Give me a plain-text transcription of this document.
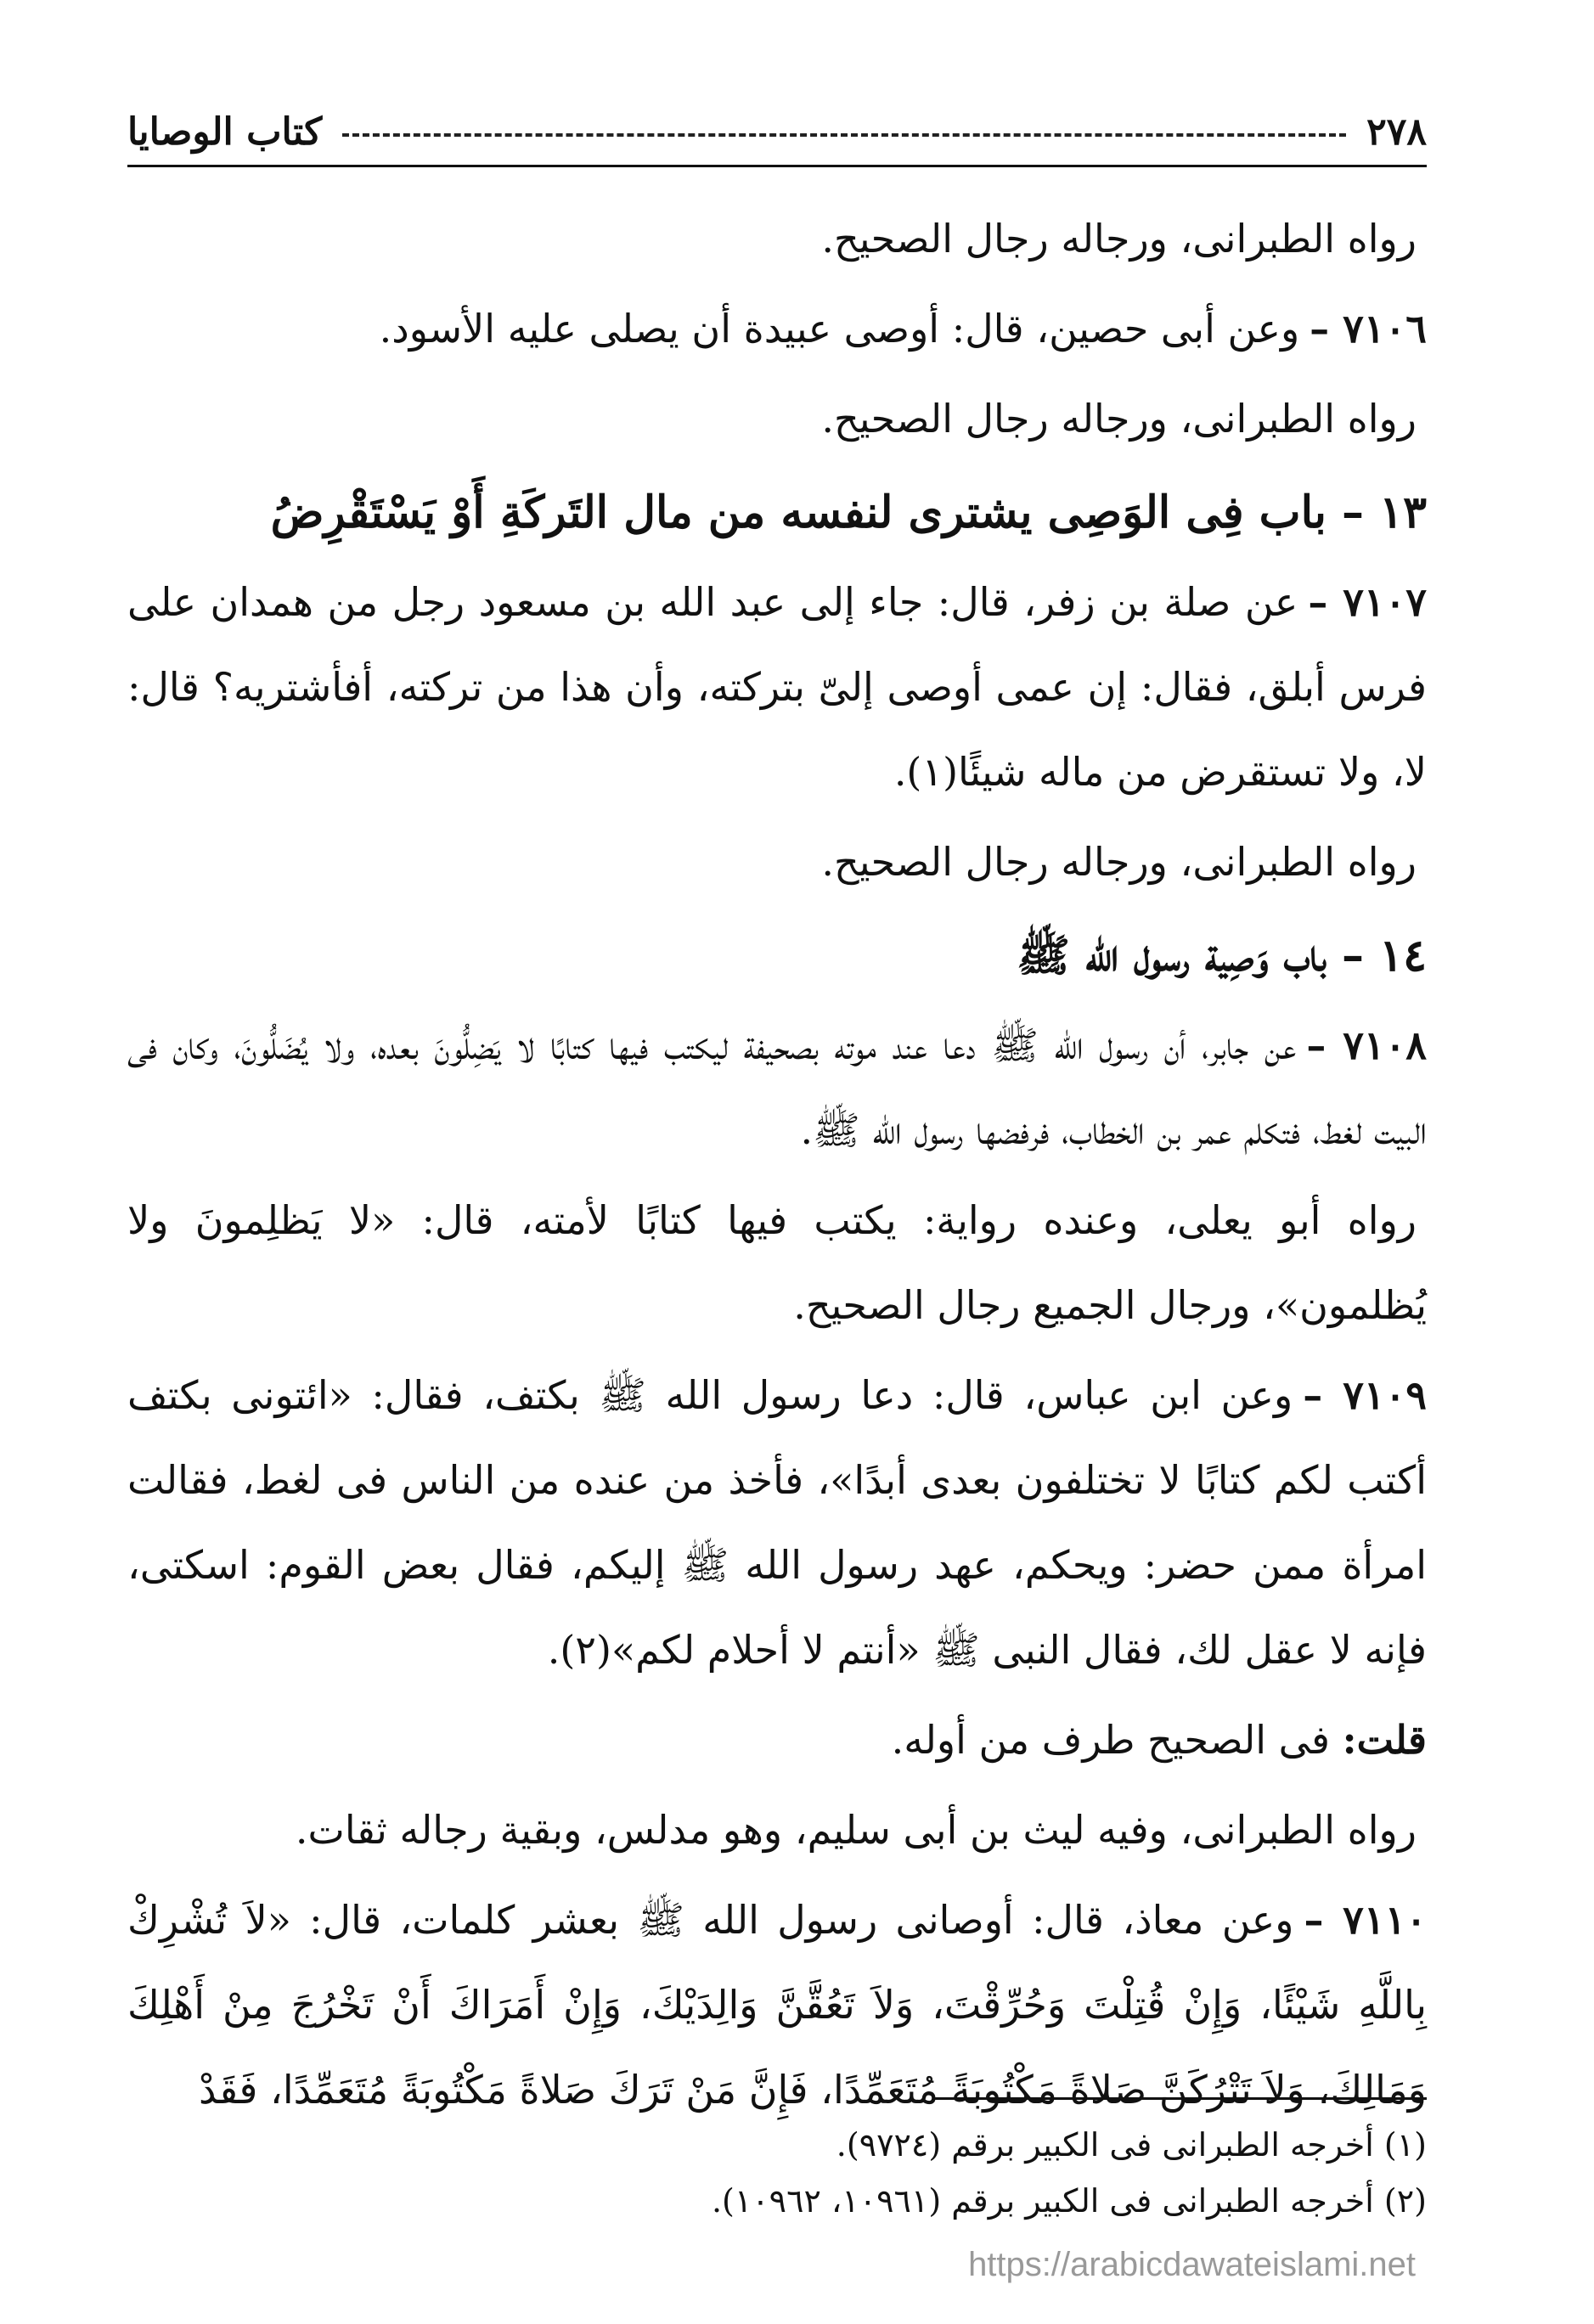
٢٧٨
كتاب الوصايا

رواه الطبرانى، ورجاله رجال الصحيح.

٧١٠٦ –وعن أبى حصين، قال: أوصى عبيدة أن يصلى عليه الأسود.

رواه الطبرانى، ورجاله رجال الصحيح.

١٣ – باب فِى الوَصِى يشترى لنفسه من مال التَركَةِ أَوْ يَسْتَقْرِضُ

٧١٠٧ –عن صلة بن زفر، قال: جاء إلى عبد الله بن مسعود رجل من همدان على فرس أبلق، فقال: إن عمى أوصى إلىّ بتركته، وأن هذا من تركته، أفأشتريه؟ قال: لا، ولا تستقرض من ماله شيئًا(١).

رواه الطبرانى، ورجاله رجال الصحيح.

١٤ – باب وَصِية رسول الله ﷺ

٧١٠٨ –عن جابر، أن رسول الله ﷺ دعا عند موته بصحيفة ليكتب فيها كتابًا لا يَضِلُّونَ بعده، ولا يُضَلُّونَ، وكان فى البيت لغط، فتكلم عمر بن الخطاب، فرفضها رسول الله ﷺ.

رواه أبو يعلى، وعنده رواية: يكتب فيها كتابًا لأمته، قال: «لا يَظلِمونَ ولا يُظلمون»، ورجال الجميع رجال الصحيح.

٧١٠٩ –وعن ابن عباس، قال: دعا رسول الله ﷺ بكتف، فقال: «ائتونى بكتف أكتب لكم كتابًا لا تختلفون بعدى أبدًا»، فأخذ من عنده من الناس فى لغط، فقالت امرأة ممن حضر: ويحكم، عهد رسول الله ﷺ إليكم، فقال بعض القوم: اسكتى، فإنه لا عقل لك، فقال النبى ﷺ «أنتم لا أحلام لكم»(٢).

قلت: فى الصحيح طرف من أوله.

رواه الطبرانى، وفيه ليث بن أبى سليم، وهو مدلس، وبقية رجاله ثقات.

٧١١٠ –وعن معاذ، قال: أوصانى رسول الله ﷺ بعشر كلمات، قال: «لاَ تُشْرِكْ بِاللَّهِ شَيْئًا، وَإِنْ قُتِلْتَ وَحُرِّقْتَ، وَلاَ تَعُقَّنَّ وَالِدَيْكَ، وَإِنْ أَمَرَاكَ أَنْ تَخْرُجَ مِنْ أَهْلِكَ وَمَالِكَ، وَلاَ تَتْرُكَنَّ صَلاةً مَكْتُوبَةً مُتَعَمِّدًا، فَإِنَّ مَنْ تَرَكَ صَلاةً مَكْتُوبَةً مُتَعَمِّدًا، فَقَدْ

(١) أخرجه الطبرانى فى الكبير برقم (٩٧٢٤).

(٢) أخرجه الطبرانى فى الكبير برقم (١٠٩٦١، ١٠٩٦٢).

https://arabicdawateislami.net
